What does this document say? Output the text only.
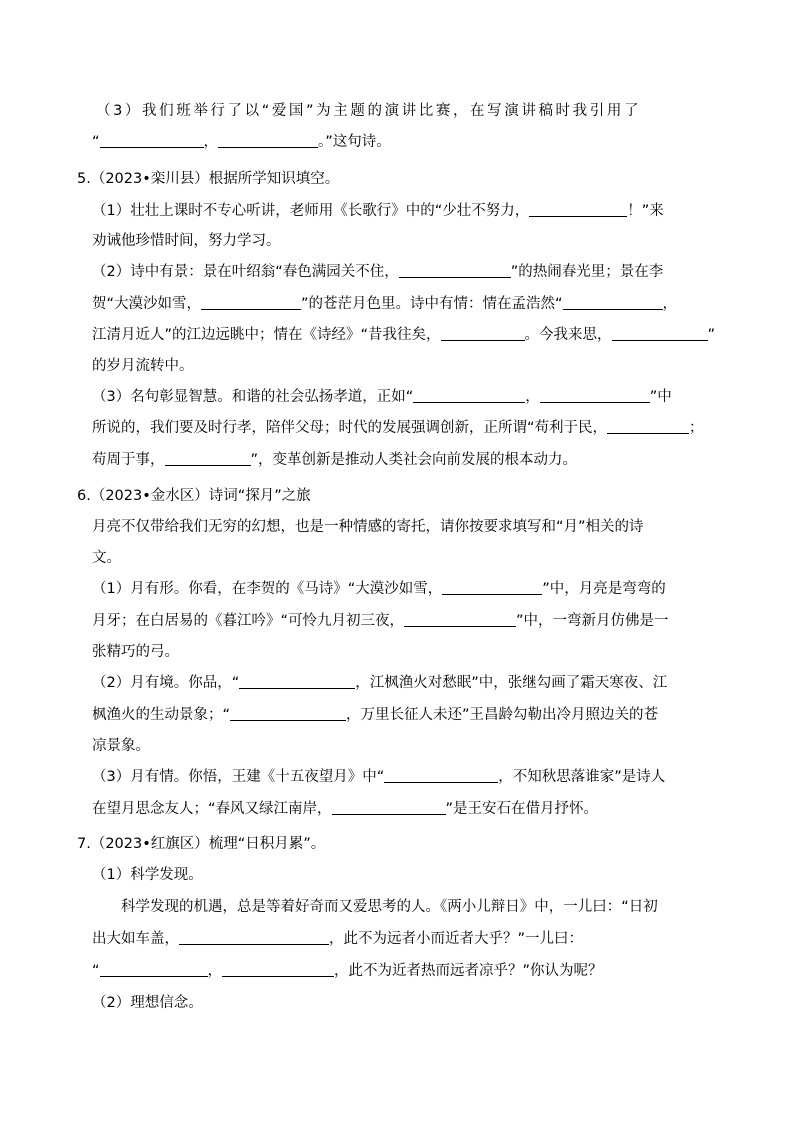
（3）我们班举行了以“爱国”为主题的演讲比赛，在写演讲稿时我引用了
“	，	。”这句诗。
5.（2023•栾川县）根据所学知识填空。
（1）壮壮上课时不专心听讲，老师用《长歌行》中的“少壮不努力，	！”来
劝诫他珍惜时间，努力学习。
（2）诗中有景：景在叶绍翁“春色满园关不住，	”的热闹春光里；景在李
贺“大漠沙如雪，	”的苍茫月色里。诗中有情：情在孟浩然“	，
江清月近人”的江边远眺中；情在《诗经》“昔我往矣，	。今我来思，	”
的岁月流转中。
（3）名句彰显智慧。和谐的社会弘扬孝道，正如“	，	”中
所说的，我们要及时行孝，陪伴父母；时代的发展强调创新，正所谓“苟利于民，	；
苟周于事，	”，变革创新是推动人类社会向前发展的根本动力。
6.（2023•金水区）诗词“探月”之旅
月亮不仅带给我们无穷的幻想，也是一种情感的寄托，请你按要求填写和“月”相关的诗
文。
（1）月有形。你看，在李贺的《马诗》“大漠沙如雪，	”中，月亮是弯弯的
月牙；在白居易的《暮江吟》“可怜九月初三夜，	”中，一弯新月仿佛是一
张精巧的弓。
（2）月有境。你品，“	，江枫渔火对愁眠”中，张继勾画了霜天寒夜、江
枫渔火的生动景象；“	，万里长征人未还”王昌龄勾勒出冷月照边关的苍
凉景象。
（3）月有情。你悟，王建《十五夜望月》中“	，不知秋思落谁家”是诗人
在望月思念友人；“春风又绿江南岸，	”是王安石在借月抒怀。
7.（2023•红旗区）梳理“日积月累”。
（1）科学发现。
科学发现的机遇，总是等着好奇而又爱思考的人。《两小儿辩日》中，一儿曰：“日初
出大如车盖，	，此不为远者小而近者大乎？”一儿曰：
“	，	，此不为近者热而远者凉乎？”你认为呢？
（2）理想信念。
